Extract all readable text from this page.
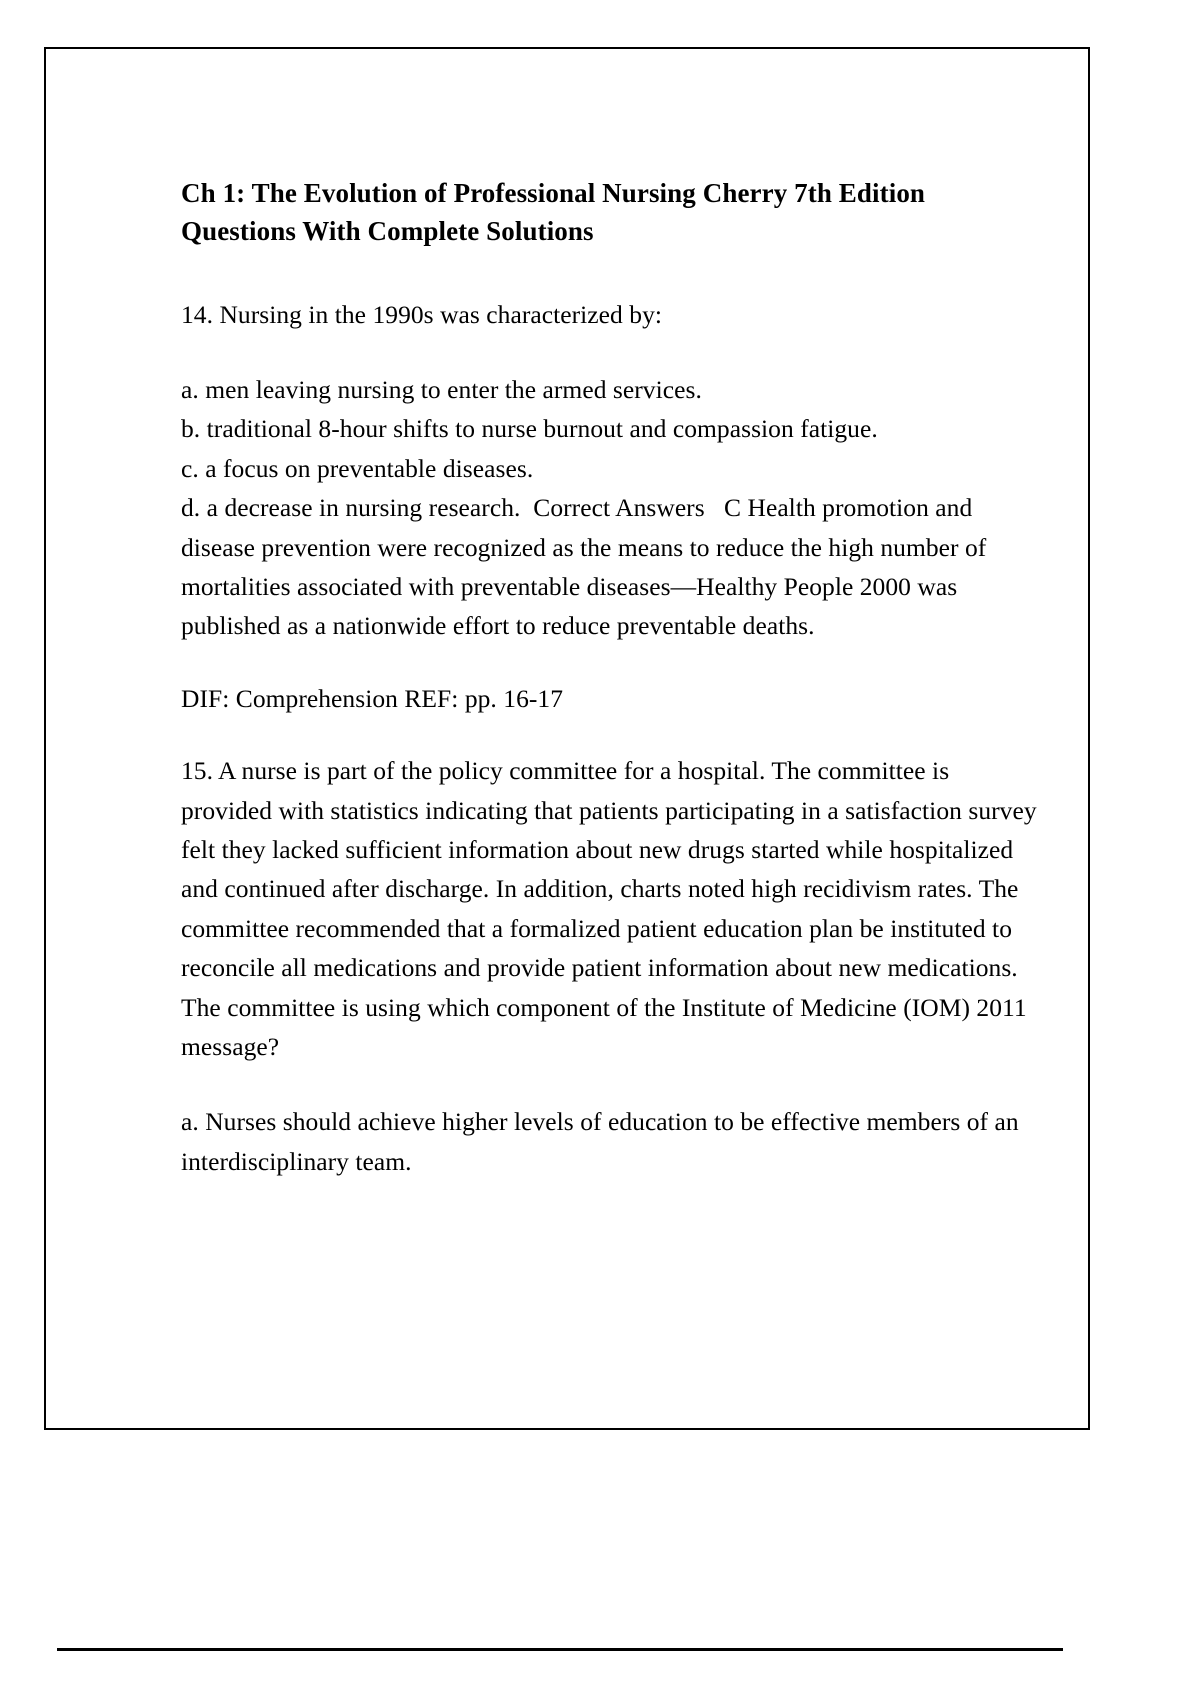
Ch 1: The Evolution of Professional Nursing Cherry 7th Edition Questions With Complete Solutions
14. Nursing in the 1990s was characterized by:
a. men leaving nursing to enter the armed services.
b. traditional 8-hour shifts to nurse burnout and compassion fatigue.
c. a focus on preventable diseases.
d. a decrease in nursing research. Correct Answers C Health promotion and disease prevention were recognized as the means to reduce the high number of mortalities associated with preventable diseases—Healthy People 2000 was published as a nationwide effort to reduce preventable deaths.
DIF: Comprehension REF: pp. 16-17
15. A nurse is part of the policy committee for a hospital. The committee is provided with statistics indicating that patients participating in a satisfaction survey felt they lacked sufficient information about new drugs started while hospitalized and continued after discharge. In addition, charts noted high recidivism rates. The committee recommended that a formalized patient education plan be instituted to reconcile all medications and provide patient information about new medications. The committee is using which component of the Institute of Medicine (IOM) 2011 message?
a. Nurses should achieve higher levels of education to be effective members of an interdisciplinary team.
